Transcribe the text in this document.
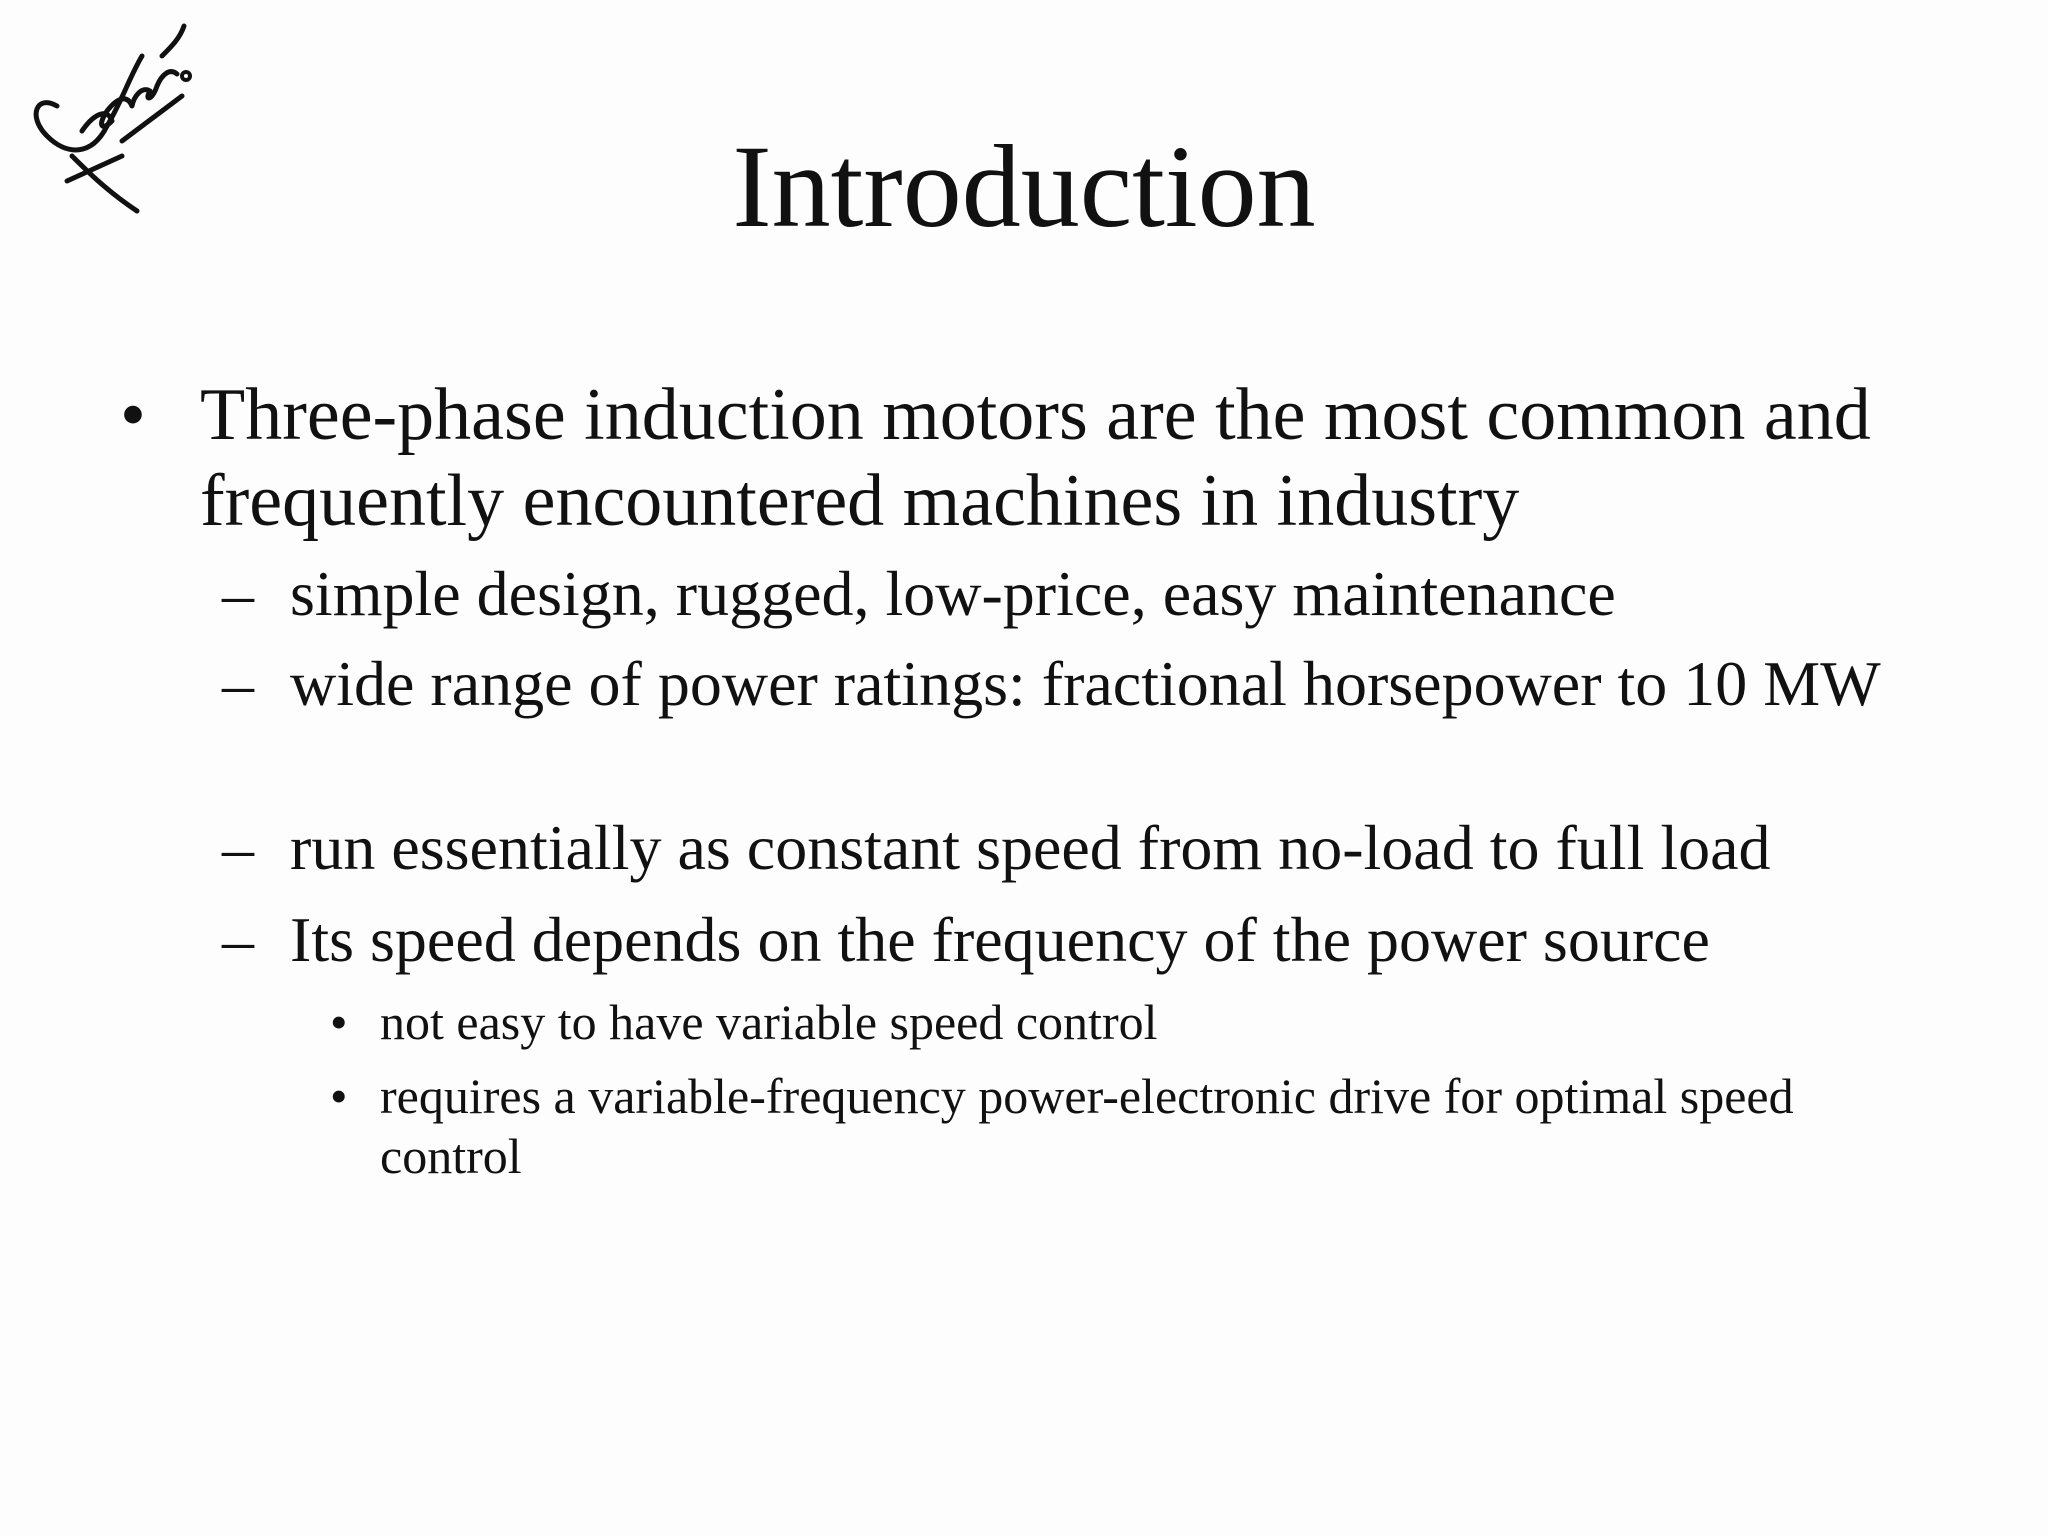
Introduction

• Three-phase induction motors are the most common and frequently encountered machines in industry

– simple design, rugged, low-price, easy maintenance

– wide range of power ratings: fractional horsepower to 10 MW

– run essentially as constant speed from no-load to full load

– Its speed depends on the frequency of the power source

• not easy to have variable speed control

• requires a variable-frequency power-electronic drive for optimal speed control
